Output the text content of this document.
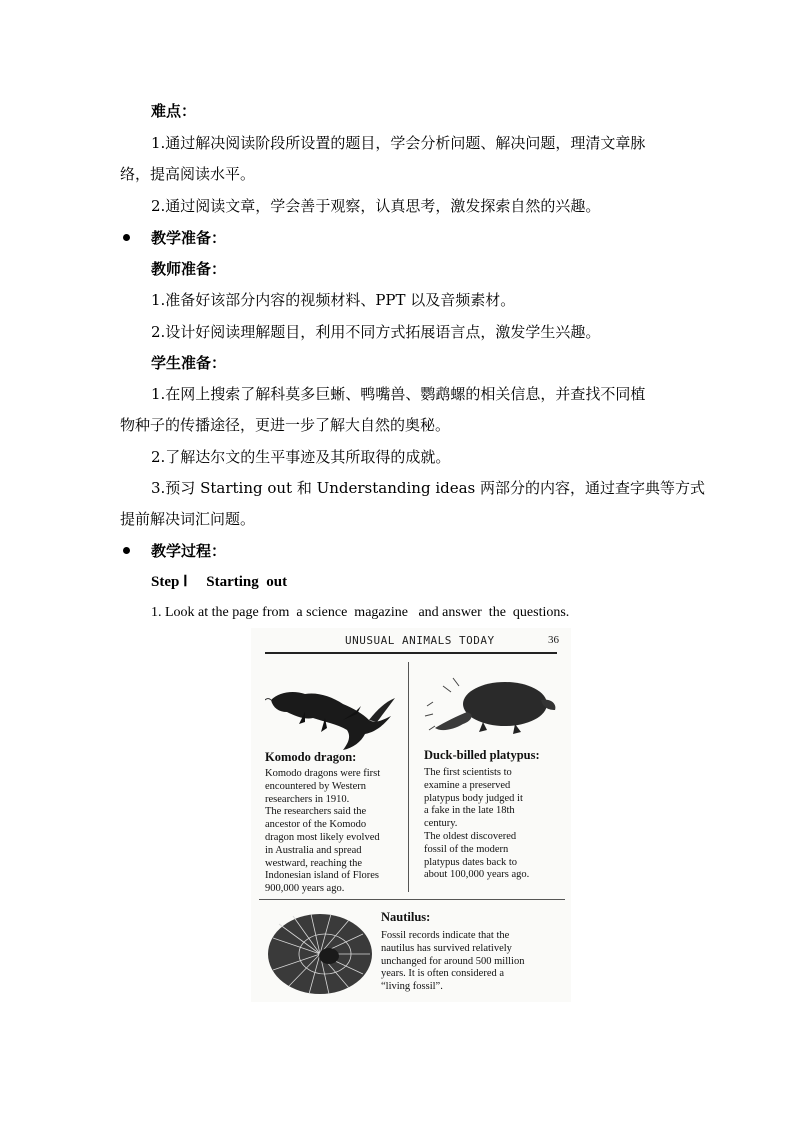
难点：
1.通过解决阅读阶段所设置的题目，学会分析问题、解决问题，理清文章脉
络，提高阅读水平。
2.通过阅读文章，学会善于观察，认真思考，激发探索自然的兴趣。
教学准备：
教师准备：
1.准备好该部分内容的视频材料、PPT 以及音频素材。
2.设计好阅读理解题目，利用不同方式拓展语言点，激发学生兴趣。
学生准备：
1.在网上搜索了解科莫多巨蜥、鸭嘴兽、鹦鹉螺的相关信息，并查找不同植
物种子的传播途径，更进一步了解大自然的奥秘。
2.了解达尔文的生平事迹及其所取得的成就。
3.预习 Starting out 和 Understanding ideas 两部分的内容，通过查字典等方式
提前解决词汇问题。
教学过程：
Step Ⅰ     Starting  out
1. Look at the page from  a science  magazine   and answer  the  questions.
UNUSUAL ANIMALS TODAY	36
Komodo dragon:
Komodo dragons were first
encountered by Western
researchers in 1910.
The researchers said the
ancestor of the Komodo
dragon most likely evolved
in Australia and spread
westward, reaching the
Indonesian island of Flores
900,000 years ago.
Duck-billed platypus:
The first scientists to
examine a preserved
platypus body judged it
a fake in the late 18th
century.
The oldest discovered
fossil of the modern
platypus dates back to
about 100,000 years ago.
Nautilus:
Fossil records indicate that the
nautilus has survived relatively
unchanged for around 500 million
years. It is often considered a
“living fossil”.
